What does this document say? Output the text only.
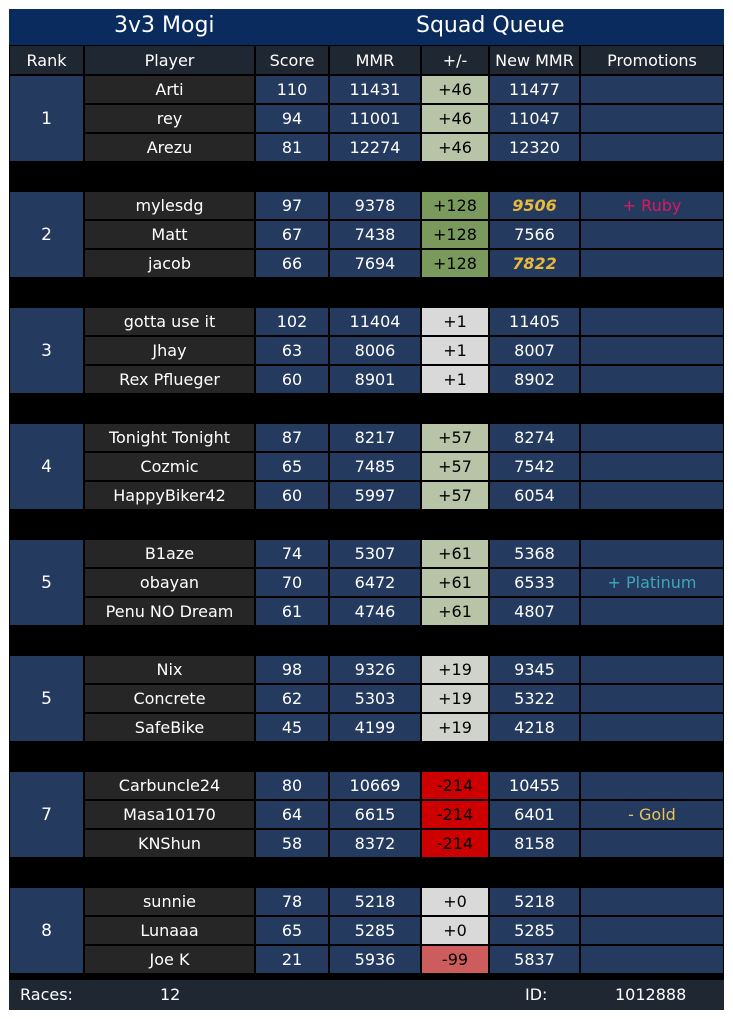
3v3 Mogi	Squad Queue
Rank	Player	Score	MMR	+/-	New MMR	Promotions
1
Arti	110	11431	+46	11477
rey	94	11001	+46	11047
Arezu	81	12274	+46	12320
2
mylesdg	97	9378	+128	9506	+ Ruby
Matt	67	7438	+128	7566
jacob	66	7694	+128	7822
3
gotta use it	102	11404	+1	11405
Jhay	63	8006	+1	8007
Rex Pflueger	60	8901	+1	8902
4
Tonight Tonight	87	8217	+57	8274
Cozmic	65	7485	+57	7542
HappyBiker42	60	5997	+57	6054
5
B1aze	74	5307	+61	5368
obayan	70	6472	+61	6533	+ Platinum
Penu NO Dream	61	4746	+61	4807
5
Nix	98	9326	+19	9345
Concrete	62	5303	+19	5322
SafeBike	45	4199	+19	4218
7
Carbuncle24	80	10669	-214	10455
Masa10170	64	6615	-214	6401	- Gold
KNShun	58	8372	-214	8158
8
sunnie	78	5218	+0	5218
Lunaaa	65	5285	+0	5285
Joe K	21	5936	-99	5837
Races:	12	ID:	1012888
